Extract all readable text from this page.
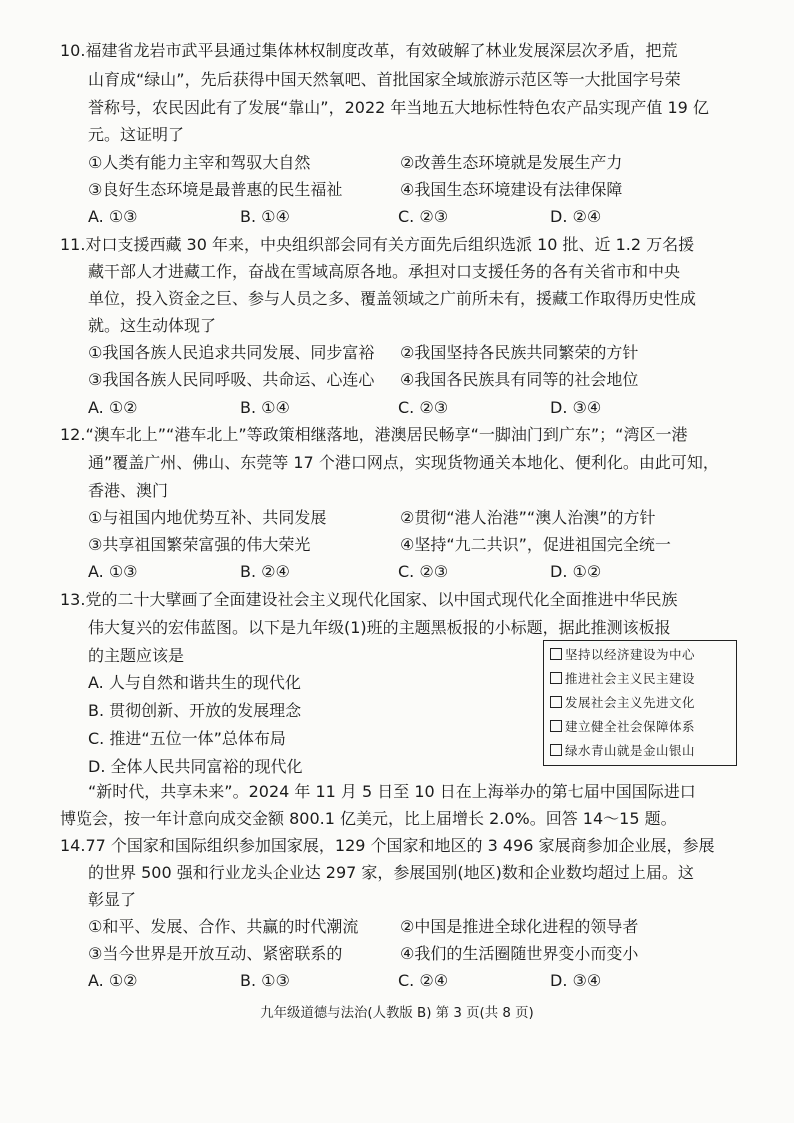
10.福建省龙岩市武平县通过集体林权制度改革，有效破解了林业发展深层次矛盾，把荒
山育成“绿山”，先后获得中国天然氧吧、首批国家全域旅游示范区等一大批国字号荣
誉称号，农民因此有了发展“靠山”，2022 年当地五大地标性特色农产品实现产值 19 亿
元。这证明了
①人类有能力主宰和驾驭大自然	②改善生态环境就是发展生产力
③良好生态环境是最普惠的民生福祉	④我国生态环境建设有法律保障
A. ①③	B. ①④	C. ②③	D. ②④
11.对口支援西藏 30 年来，中央组织部会同有关方面先后组织选派 10 批、近 1.2 万名援
藏干部人才进藏工作，奋战在雪域高原各地。承担对口支援任务的各有关省市和中央
单位，投入资金之巨、参与人员之多、覆盖领域之广前所未有，援藏工作取得历史性成
就。这生动体现了
①我国各族人民追求共同发展、同步富裕 ②我国坚持各民族共同繁荣的方针
③我国各族人民同呼吸、共命运、心连心 ④我国各民族具有同等的社会地位
A. ①②	B. ①④	C. ②③	D. ③④
12.“澳车北上”“港车北上”等政策相继落地，港澳居民畅享“一脚油门到广东”；“湾区一港
通”覆盖广州、佛山、东莞等 17 个港口网点，实现货物通关本地化、便利化。由此可知，
香港、澳门
①与祖国内地优势互补、共同发展	②贯彻“港人治港”“澳人治澳”的方针
③共享祖国繁荣富强的伟大荣光	④坚持“九二共识”，促进祖国完全统一
A. ①③	B. ②④	C. ②③	D. ①②
13.党的二十大擘画了全面建设社会主义现代化国家、以中国式现代化全面推进中华民族
伟大复兴的宏伟蓝图。以下是九年级(1)班的主题黑板报的小标题，据此推测该板报
的主题应该是
A. 人与自然和谐共生的现代化
B. 贯彻创新、开放的发展理念
C. 推进“五位一体”总体布局
D. 全体人民共同富裕的现代化
坚持以经济建设为中心
推进社会主义民主建设
发展社会主义先进文化
建立健全社会保障体系
绿水青山就是金山银山
“新时代，共享未来”。2024 年 11 月 5 日至 10 日在上海举办的第七届中国国际进口
博览会，按一年计意向成交金额 800.1 亿美元，比上届增长 2.0%。回答 14～15 题。
14.77 个国家和国际组织参加国家展，129 个国家和地区的 3 496 家展商参加企业展，参展
的世界 500 强和行业龙头企业达 297 家，参展国别(地区)数和企业数均超过上届。这
彰显了
①和平、发展、合作、共赢的时代潮流	②中国是推进全球化进程的领导者
③当今世界是开放互动、紧密联系的	④我们的生活圈随世界变小而变小
A. ①②	B. ①③	C. ②④	D. ③④
九年级道德与法治(人教版 B) 第 3 页(共 8 页)
